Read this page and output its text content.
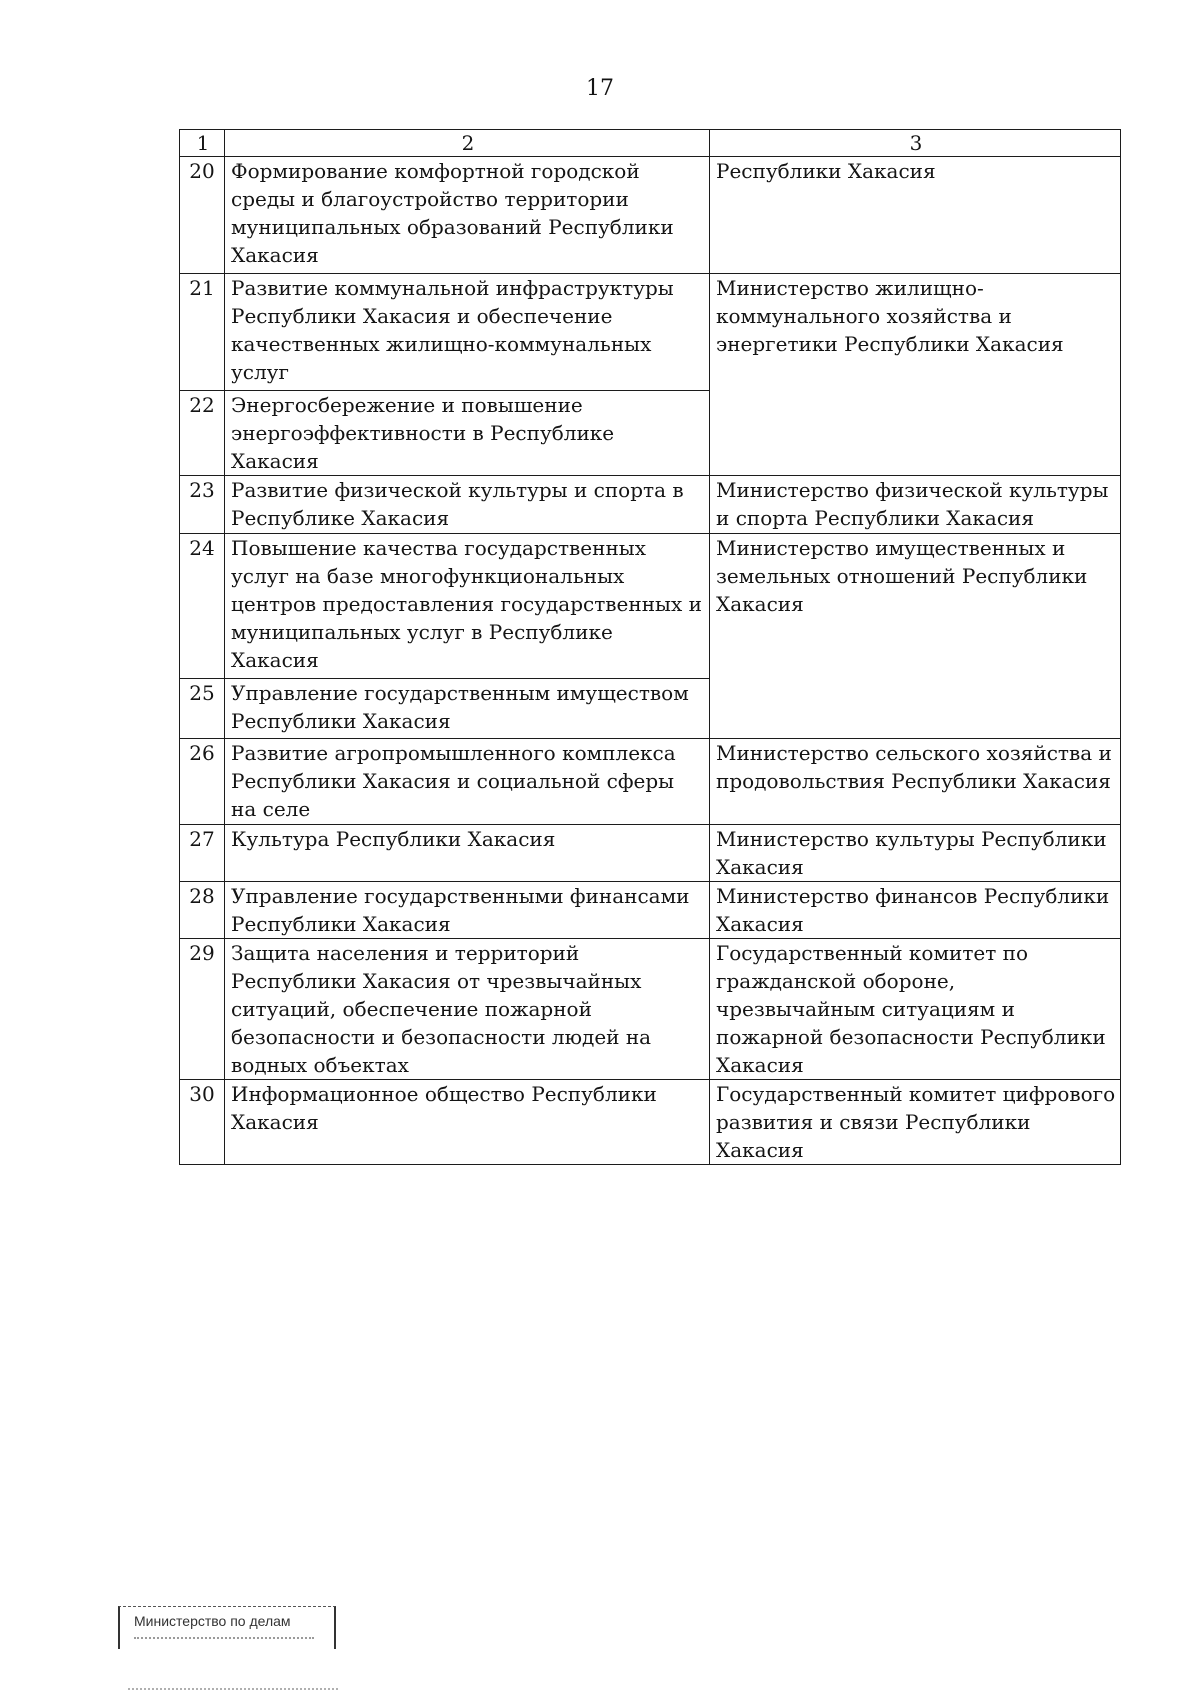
17
1	2	3
20	Формирование комфортной городской среды и благоустройство территории муниципальных образований Республики Хакасия	Республики Хакасия
21	Развитие коммунальной инфраструктуры Республики Хакасия и обеспечение качественных жилищно-коммунальных услуг	Министерство жилищно-коммунального хозяйства и энергетики Республики Хакасия
22	Энергосбережение и повышение энергоэффективности в Республике Хакасия	
23	Развитие физической культуры и спорта в Республике Хакасия	Министерство физической культуры и спорта Республики Хакасия
24	Повышение качества государственных услуг на базе многофункциональных центров предоставления государственных и муниципальных услуг в Республике Хакасия	Министерство имущественных и земельных отношений Республики Хакасия
25	Управление государственным имуществом Республики Хакасия	
26	Развитие агропромышленного комплекса Республики Хакасия и социальной сферы на селе	Министерство сельского хозяйства и продовольствия Республики Хакасия
27	Культура Республики Хакасия	Министерство культуры Республики Хакасия
28	Управление государственными финансами Республики Хакасия	Министерство финансов Республики Хакасия
29	Защита населения и территорий Республики Хакасия от чрезвычайных ситуаций, обеспечение пожарной безопасности и безопасности людей на водных объектах	Государственный комитет по гражданской обороне, чрезвычайным ситуациям и пожарной безопасности Республики Хакасия
30	Информационное общество Республики Хакасия	Государственный комитет цифрового развития и связи Республики Хакасия
Министерство по делам
